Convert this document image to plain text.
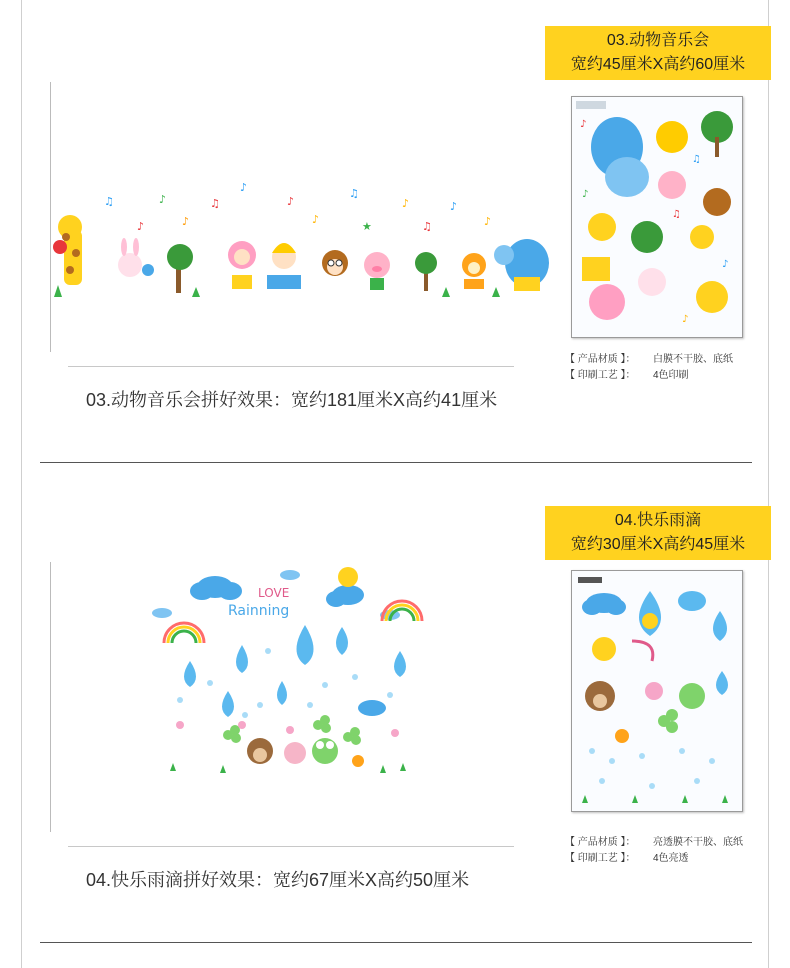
03.动物音乐会
宽约45厘米X高约60厘米
♫
♪
♪
♪
♫
♪
♪
♪
♫
★
♪
♫
♪
♪
03.动物音乐会拼好效果：宽约181厘米X高约41厘米
♪
♫
♪
♫
♪
♪
【 产品材质 】：	白膜不干胶、底纸
【 印刷工艺 】：	4色印刷
04.快乐雨滴
宽约30厘米X高约45厘米
LOVE
Rainning
04.快乐雨滴拼好效果：宽约67厘米X高约50厘米
【 产品材质 】：	亮透膜不干胶、底纸
【 印刷工艺 】：	4色亮透
